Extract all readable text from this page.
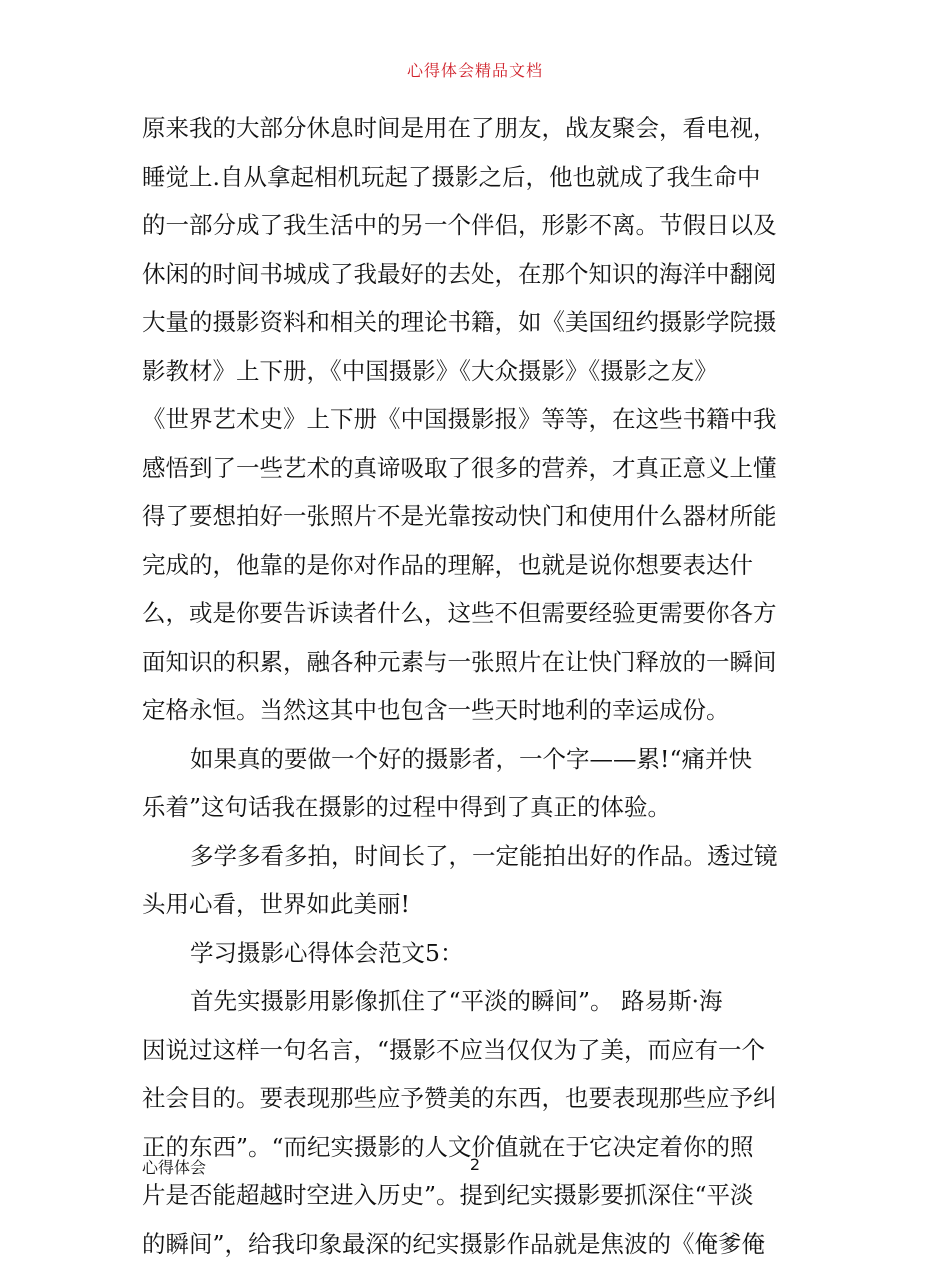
心得体会精品文档
原来我的大部分休息时间是用在了朋友，战友聚会，看电视，
睡觉上.自从拿起相机玩起了摄影之后，他也就成了我生命中
的一部分成了我生活中的另一个伴侣，形影不离。节假日以及
休闲的时间书城成了我最好的去处，在那个知识的海洋中翻阅
大量的摄影资料和相关的理论书籍，如《美国纽约摄影学院摄
影教材》上下册，《中国摄影》《大众摄影》《摄影之友》
《世界艺术史》上下册《中国摄影报》等等，在这些书籍中我
感悟到了一些艺术的真谛吸取了很多的营养，才真正意义上懂
得了要想拍好一张照片不是光靠按动快门和使用什么器材所能
完成的，他靠的是你对作品的理解，也就是说你想要表达什
么，或是你要告诉读者什么，这些不但需要经验更需要你各方
面知识的积累，融各种元素与一张照片在让快门释放的一瞬间
定格永恒。当然这其中也包含一些天时地利的幸运成份。
如果真的要做一个好的摄影者，一个字——累!“痛并快
乐着”这句话我在摄影的过程中得到了真正的体验。
多学多看多拍，时间长了，一定能拍出好的作品。透过镜
头用心看，世界如此美丽!
学习摄影心得体会范文5：
首先实摄影用影像抓住了“平淡的瞬间”。 路易斯·海
因说过这样一句名言，“摄影不应当仅仅为了美，而应有一个
社会目的。要表现那些应予赞美的东西，也要表现那些应予纠
正的东西”。“而纪实摄影的人文价值就在于它决定着你的照
片是否能超越时空进入历史”。提到纪实摄影要抓深住“平淡
的瞬间”，给我印象最深的纪实摄影作品就是焦波的《俺爹俺
心得体会	2
